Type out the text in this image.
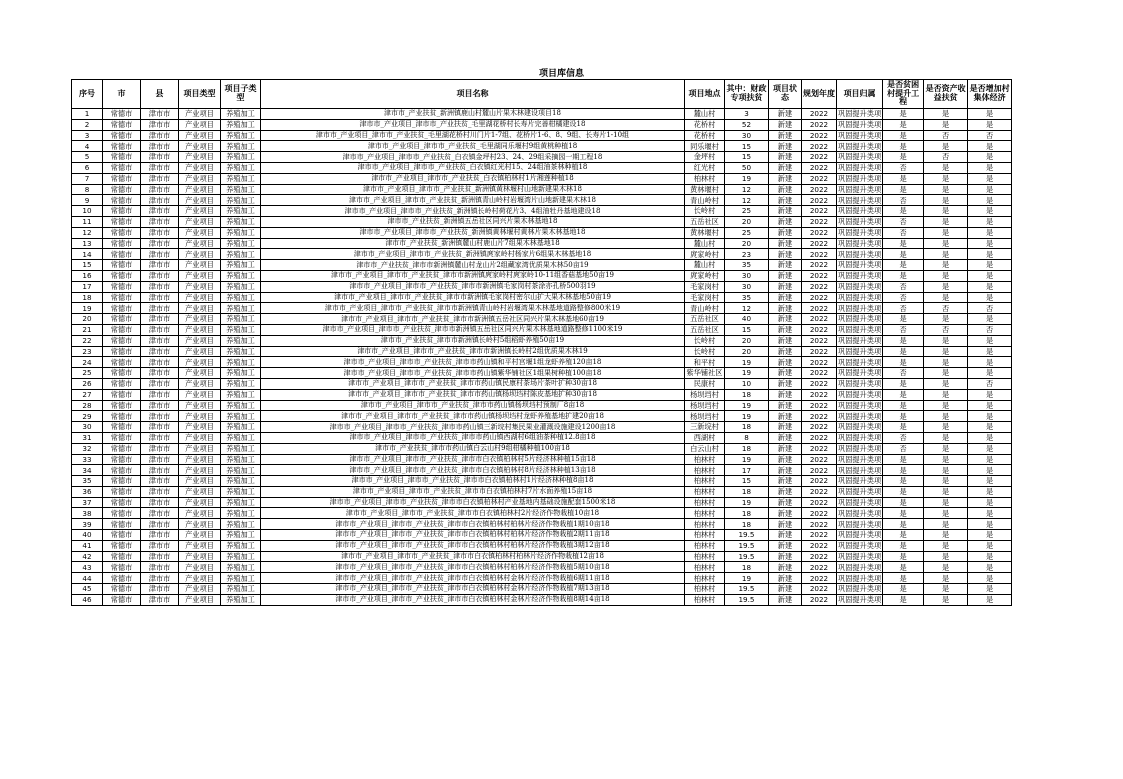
项目库信息
序号	市	县	项目类型	项目子类型	项目名称	项目地点	其中：财政专项扶贫	项目状态	规划年度	项目归属	是否贫困村提升工程	是否资产收益扶贫	是否增加村集体经济
1	常德市	津市市	产业项目	养殖加工	津市市_产业扶贫_新洲镇鹿山村麓山片果木林建设项目18	麓山村	3	新建	2022	巩固提升类项	是	是	是
2	常德市	津市市	产业项目	养殖加工	津市市_产业项目_津市市_产业扶贫_毛里湖花桥村长寿片完善柑橘建设18	花桥村	52	新建	2022	巩固提升类项	是	是	是
3	常德市	津市市	产业项目	养殖加工	津市市_产业项目_津市市_产业扶贫_毛里湖花桥村川门片1-7组、花桥片1-6、8、9组、长寿片1-10组	花桥村	30	新建	2022	巩固提升类项	是	否	否
4	常德市	津市市	产业项目	养殖加工	津市市_产业项目_津市市_产业扶贫_毛里湖同乐堰村9组黄桃种植18	同乐堰村	15	新建	2022	巩固提升类项	是	是	是
5	常德市	津市市	产业项目	养殖加工	津市市_产业项目_津市市_产业扶贫_白衣镇金坪村23、24、29组采摘园一期工程18	金坪村	15	新建	2022	巩固提升类项	是	否	是
6	常德市	津市市	产业项目	养殖加工	津市市_产业项目_津市市_产业扶贫_白衣镇红光村15、24组油茶林种植18	红光村	50	新建	2022	巩固提升类项	否	是	是
7	常德市	津市市	产业项目	养殖加工	津市市_产业项目_津市市_产业扶贫_白衣镇柏林村1片湘莲种植18	柏林村	19	新建	2022	巩固提升类项	是	是	是
8	常德市	津市市	产业项目	养殖加工	津市市_产业项目_津市市_产业扶贫_新洲镇黄林堰村山地新建果木林18	黄林堰村	12	新建	2022	巩固提升类项	是	是	是
9	常德市	津市市	产业项目	养殖加工	津市市_产业项目_津市市_产业扶贫_新洲镇青山岭村岩堰湾片山地新建果木林18	青山岭村	12	新建	2022	巩固提升类项	否	是	是
10	常德市	津市市	产业项目	养殖加工	津市市_产业项目_津市市_产业扶贫_新洲镇长岭村荷花片3、4组油牡丹基地建设18	长岭村	25	新建	2022	巩固提升类项	是	是	是
11	常德市	津市市	产业项目	养殖加工	津市市_产业扶贫_新洲镇五岳社区同兴片果木林基地18	五岳社区	20	新建	2022	巩固提升类项	否	是	是
12	常德市	津市市	产业项目	养殖加工	津市市_产业项目_津市市_产业扶贫_新洲镇黄林堰村黄林片果木林基地18	黄林堰村	25	新建	2022	巩固提升类项	否	是	是
13	常德市	津市市	产业项目	养殖加工	津市市_产业扶贫_新洲镇麓山村鹿山片7组果木林基地18	麓山村	20	新建	2022	巩固提升类项	是	是	是
14	常德市	津市市	产业项目	养殖加工	津市市_产业项目_津市市_产业扶贫_新洲镇庹家岭村杨家片6组果木林基地18	庹家岭村	23	新建	2022	巩固提升类项	是	是	是
15	常德市	津市市	产业项目	养殖加工	津市市_产业扶贫_津市市新洲镇麓山村龙山片2组藏家湾优质果木林50亩19	麓山村	35	新建	2022	巩固提升类项	是	是	是
16	常德市	津市市	产业项目	养殖加工	津市市_产业项目_津市市_产业扶贫_津市市新洲镇庹家岭村庹家岭10-11组香菇基地50亩19	庹家岭村	30	新建	2022	巩固提升类项	是	是	是
17	常德市	津市市	产业项目	养殖加工	津市市_产业项目_津市市_产业扶贫_津市市新洲镇毛家岗村茶涂亦孔桥500羽19	毛家岗村	30	新建	2022	巩固提升类项	否	是	是
18	常德市	津市市	产业项目	养殖加工	津市市_产业项目_津市市_产业扶贫_津市市新洲镇毛家岗村密尔山扩大果木林基地50亩19	毛家岗村	35	新建	2022	巩固提升类项	否	是	是
19	常德市	津市市	产业项目	养殖加工	津市市_产业项目_津市市_产业扶贫_津市市新洲镇青山岭村岩堰湾果木林基地道路整修800米19	青山岭村	12	新建	2022	巩固提升类项	否	否	否
20	常德市	津市市	产业项目	养殖加工	津市市_产业项目_津市市_产业扶贫_津市市新洲镇五岳社区同兴片果木林基地60亩19	五岳社区	40	新建	2022	巩固提升类项	是	是	是
21	常德市	津市市	产业项目	养殖加工	津市市_产业项目_津市市_产业扶贫_津市市新洲镇五岳社区同兴片果木林基地道路整修1100米19	五岳社区	15	新建	2022	巩固提升类项	否	否	否
22	常德市	津市市	产业项目	养殖加工	津市市_产业扶贫_津市市新洲镇长岭村5组稻虾养殖50亩19	长岭村	20	新建	2022	巩固提升类项	是	是	是
23	常德市	津市市	产业项目	养殖加工	津市市_产业项目_津市市_产业扶贫_津市市新洲镇长岭村2组优质果木林19	长岭村	20	新建	2022	巩固提升类项	是	是	是
24	常德市	津市市	产业项目	养殖加工	津市市_产业项目_津市市_产业扶贫_津市市药山镇和平村宫堰1组龙虾养殖120亩18	和平村	19	新建	2022	巩固提升类项	是	是	是
25	常德市	津市市	产业项目	养殖加工	津市市_产业项目_津市市_产业扶贫_津市市药山镇紫华铺社区1组果树种植100亩18	紫华铺社区	19	新建	2022	巩固提升类项	否	是	是
26	常德市	津市市	产业项目	养殖加工	津市市_产业项目_津市市_产业扶贫_津市市药山镇民康村茶场片茶叶扩种30亩18	民康村	10	新建	2022	巩固提升类项	是	是	否
27	常德市	津市市	产业项目	养殖加工	津市市_产业项目_津市市_产业扶贫_津市市药山镇杨坝垱村陈皮基地扩种30亩18	杨坝垱村	18	新建	2022	巩固提升类项	是	是	是
28	常德市	津市市	产业项目	养殖加工	津市市_产业项目_津市市_产业扶贫_津市市药山镇杨坝垱村预制厂8亩18	杨坝垱村	19	新建	2022	巩固提升类项	是	是	是
29	常德市	津市市	产业项目	养殖加工	津市市_产业项目_津市市_产业扶贫_津市市药山镇杨坝垱村龙虾养殖基地扩建20亩18	杨坝垱村	19	新建	2022	巩固提升类项	是	是	是
30	常德市	津市市	产业项目	养殖加工	津市市_产业项目_津市市_产业扶贫_津市市药山镇三新垸村集民果业灌溉设施建设1200亩18	三新垸村	18	新建	2022	巩固提升类项	是	是	是
31	常德市	津市市	产业项目	养殖加工	津市市_产业项目_津市市_产业扶贫_津市市药山镇西湖村6组油茶种植12.8亩18	西湖村	8	新建	2022	巩固提升类项	否	是	是
32	常德市	津市市	产业项目	养殖加工	津市市_产业扶贫_津市市药山镇白云山村9组柑橘种植100亩18	白云山村	18	新建	2022	巩固提升类项	否	是	是
33	常德市	津市市	产业项目	养殖加工	津市市_产业项目_津市市_产业扶贫_津市市白衣镇柏林村5片经济林种植15亩18	柏林村	19	新建	2022	巩固提升类项	是	是	是
34	常德市	津市市	产业项目	养殖加工	津市市_产业项目_津市市_产业扶贫_津市市白衣镇柏林村8片经济林种植13亩18	柏林村	17	新建	2022	巩固提升类项	是	是	是
35	常德市	津市市	产业项目	养殖加工	津市市_产业项目_津市市_产业扶贫_津市市白衣镇柏林村1片经济林种植8亩18	柏林村	15	新建	2022	巩固提升类项	是	是	是
36	常德市	津市市	产业项目	养殖加工	津市市_产业项目_津市市_产业扶贫_津市市白衣镇柏林村7片水面养殖15亩18	柏林村	18	新建	2022	巩固提升类项	是	是	是
37	常德市	津市市	产业项目	养殖加工	津市市_产业项目_津市市_产业扶贫_津市市白衣镇柏林村产业基地内基础设施配套1500米18	柏林村	19	新建	2022	巩固提升类项	是	是	是
38	常德市	津市市	产业项目	养殖加工	津市市_产业项目_津市市_产业扶贫_津市市白衣镇柏林村2片经济作物栽植10亩18	柏林村	18	新建	2022	巩固提升类项	是	是	是
39	常德市	津市市	产业项目	养殖加工	津市市_产业项目_津市市_产业扶贫_津市市白衣镇柏林村柏林片经济作物栽植1期10亩18	柏林村	18	新建	2022	巩固提升类项	是	是	是
40	常德市	津市市	产业项目	养殖加工	津市市_产业项目_津市市_产业扶贫_津市市白衣镇柏林村柏林片经济作物栽植2期11亩18	柏林村	19.5	新建	2022	巩固提升类项	是	是	是
41	常德市	津市市	产业项目	养殖加工	津市市_产业项目_津市市_产业扶贫_津市市白衣镇柏林村柏林片经济作物栽植3期12亩18	柏林村	19.5	新建	2022	巩固提升类项	是	是	是
42	常德市	津市市	产业项目	养殖加工	津市市_产业项目_津市市_产业扶贫_津市市白衣镇柏林村柏林片经济作物栽植12亩18	柏林村	19.5	新建	2022	巩固提升类项	是	是	是
43	常德市	津市市	产业项目	养殖加工	津市市_产业项目_津市市_产业扶贫_津市市白衣镇柏林村柏林片经济作物栽植5期10亩18	柏林村	18	新建	2022	巩固提升类项	是	是	是
44	常德市	津市市	产业项目	养殖加工	津市市_产业项目_津市市_产业扶贫_津市市白衣镇柏林村金林片经济作物栽植6期11亩18	柏林村	19	新建	2022	巩固提升类项	是	是	是
45	常德市	津市市	产业项目	养殖加工	津市市_产业项目_津市市_产业扶贫_津市市白衣镇柏林村金林片经济作物栽植7期13亩18	柏林村	19.5	新建	2022	巩固提升类项	是	是	是
46	常德市	津市市	产业项目	养殖加工	津市市_产业项目_津市市_产业扶贫_津市市白衣镇柏林村金林片经济作物栽植8期14亩18	柏林村	19.5	新建	2022	巩固提升类项	是	是	是
